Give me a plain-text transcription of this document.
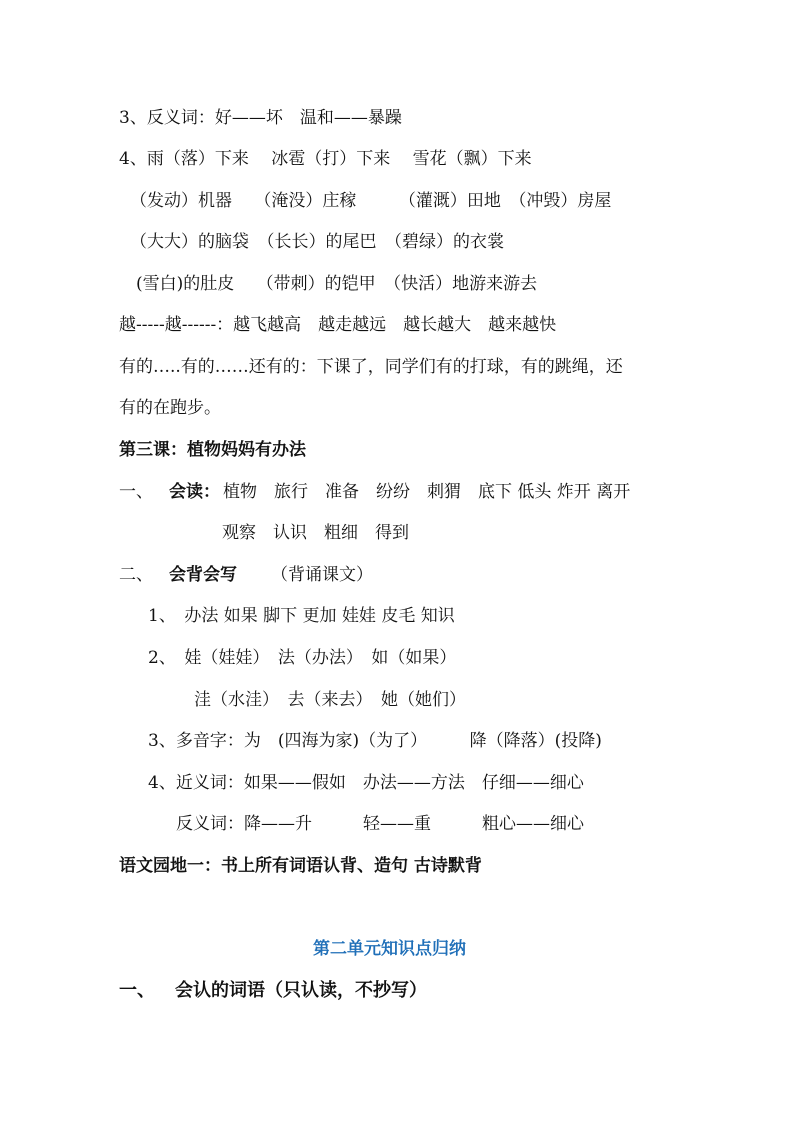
3、反义词：好——坏　温和——暴躁
4、雨（落）下来　 冰雹（打）下来　 雪花（飘）下来
（发动）机器　 （淹没）庄稼　　　（灌溉）田地　（冲毁）房屋
（大大）的脑袋　（长长）的尾巴　（碧绿）的衣裳
(雪白)的肚皮　 （带刺）的铠甲　（快活）地游来游去
越-----越------：越飞越高　越走越远　越长越大　越来越快
有的…..有的……还有的：下课了，同学们有的打球，有的跳绳，还
有的在跑步。
第三课：植物妈妈有办法

一、

会读：

植物　旅行　准备　纷纷　刺猬　底下 低头 炸开 离开

观察　认识　粗细　得到

二、

会背会写

（背诵课文）

1、　办法 如果 脚下 更加 娃娃 皮毛 知识
2、　娃（娃娃）　法（办法）　如（如果）
洼（水洼）　去（来去）　她（她们）
3、多音字：为　(四海为家)（为了）　　　降（降落）(投降)
4、近义词：如果——假如　办法——方法　仔细——细心
反义词：降——升　　　轻——重　　　粗心——细心
语文园地一：书上所有词语认背、造句 古诗默背
第二单元知识点归纳

一、

会认的词语（只认读，不抄写）
